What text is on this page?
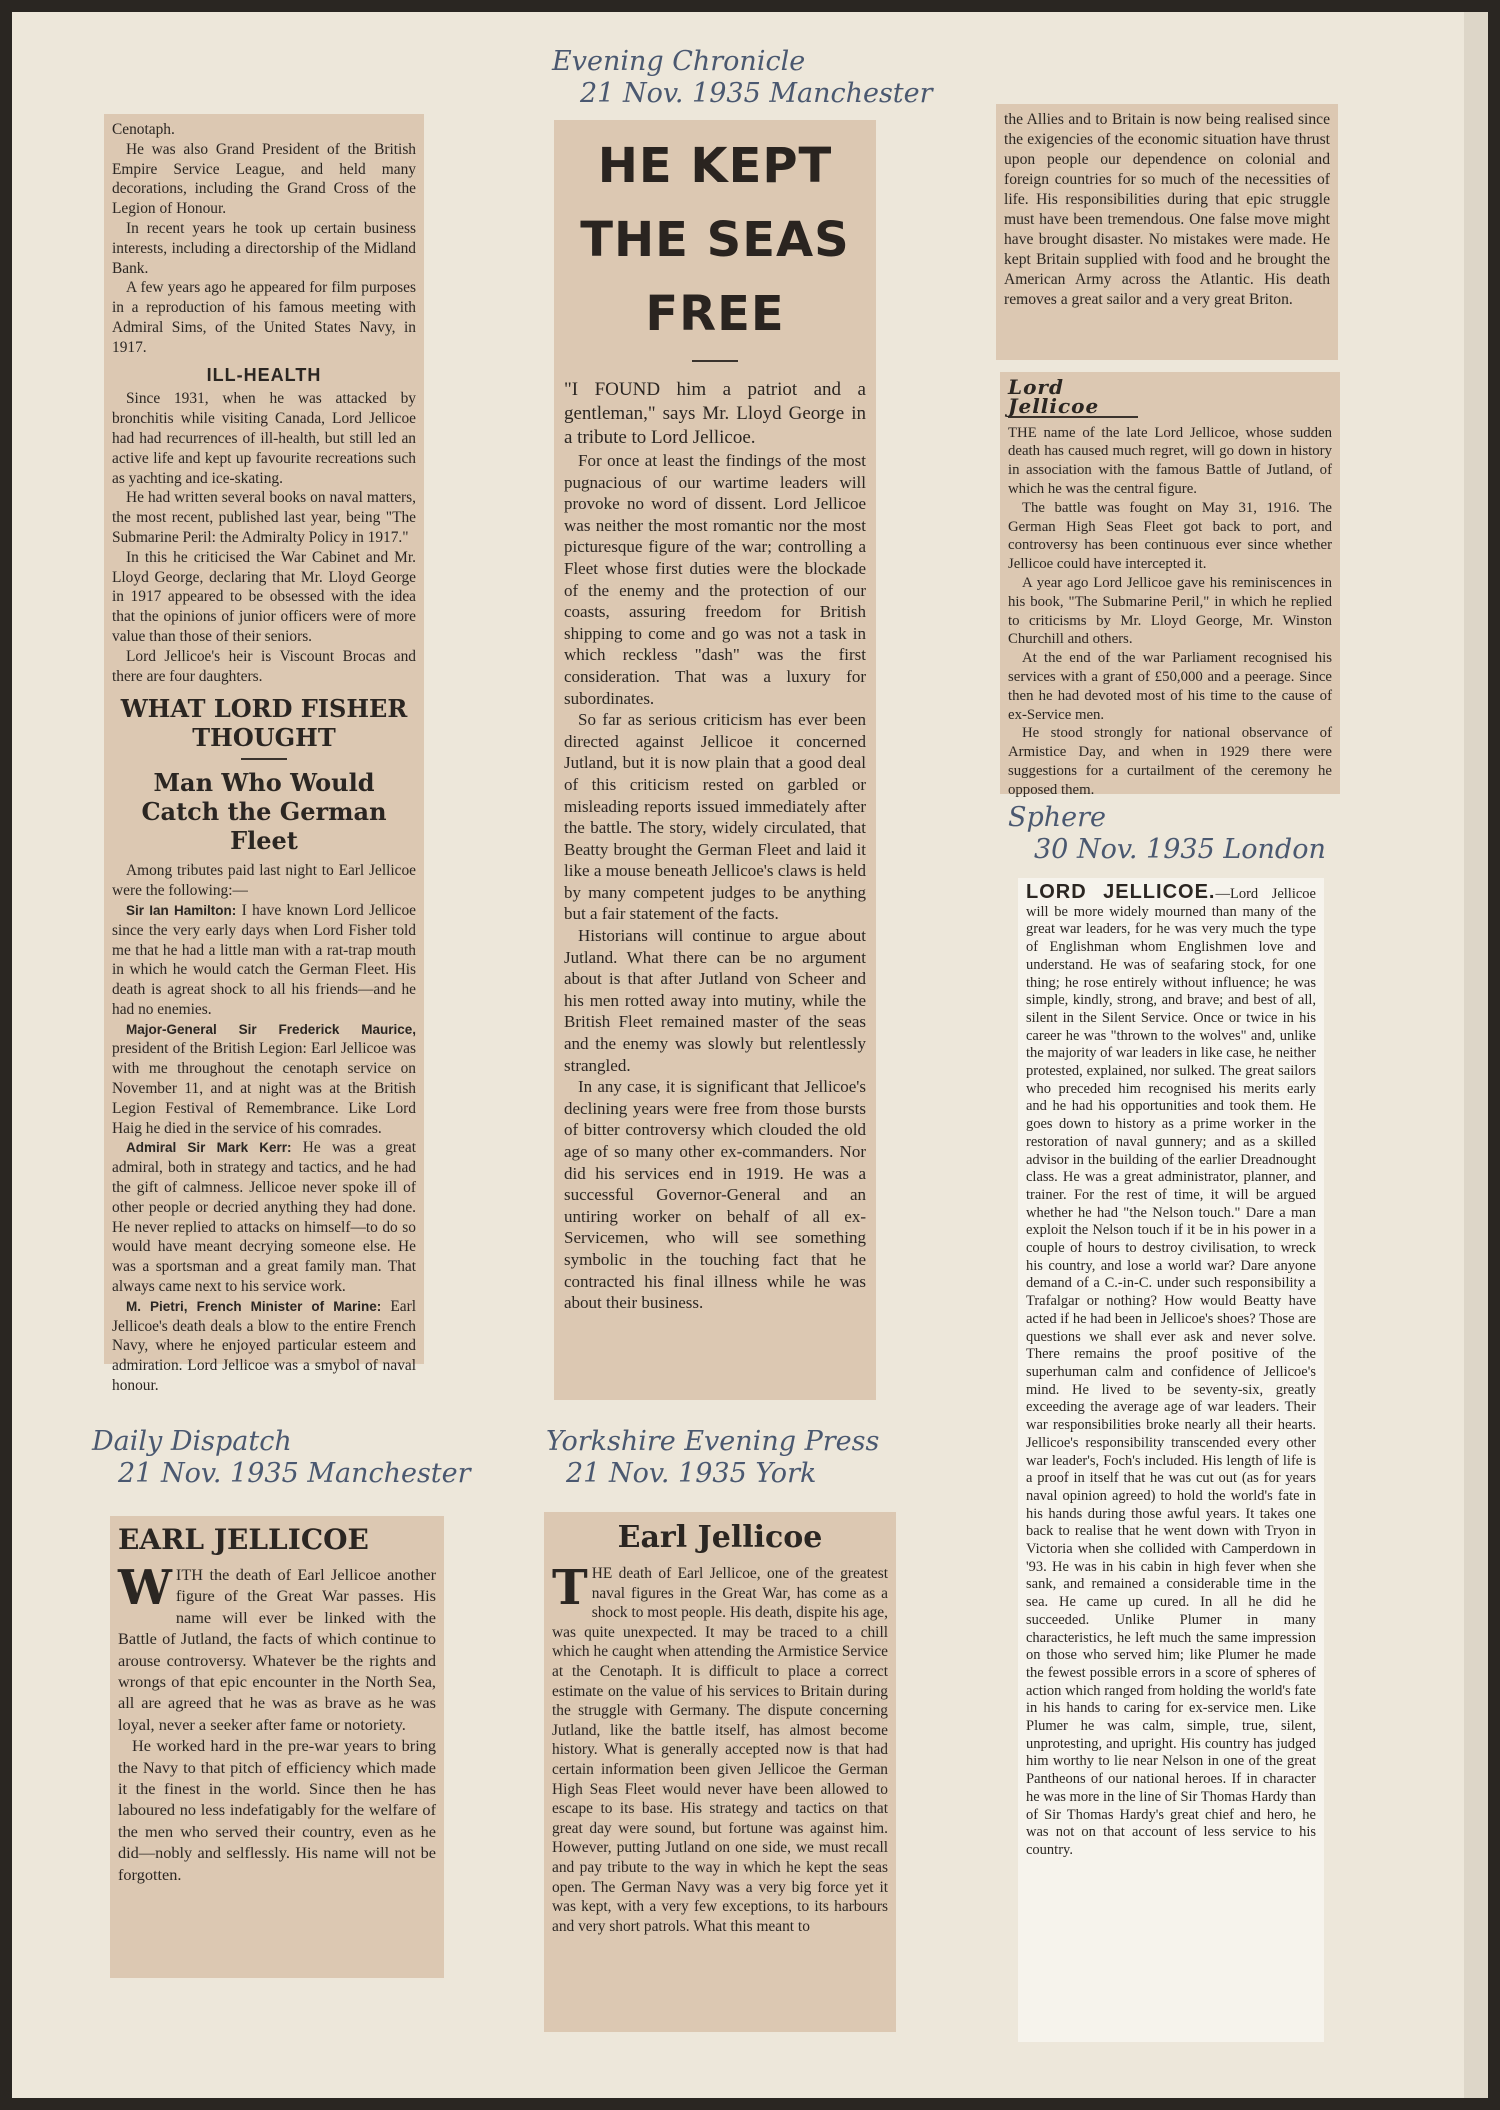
Evening Chronicle
21 Nov. 1935 Manchester
Sphere
30 Nov. 1935 London
Daily Dispatch
21 Nov. 1935 Manchester
Yorkshire Evening Press
21 Nov. 1935 York

Cenotaph.

He was also Grand President of the British Empire Service League, and held many decorations, including the Grand Cross of the Legion of Honour.

In recent years he took up certain business interests, including a directorship of the Midland Bank.

A few years ago he appeared for film purposes in a reproduction of his famous meeting with Admiral Sims, of the United States Navy, in 1917.

ILL-HEALTH

Since 1931, when he was attacked by bronchitis while visiting Canada, Lord Jellicoe had had recurrences of ill-health, but still led an active life and kept up favourite recreations such as yachting and ice-skating.

He had written several books on naval matters, the most recent, published last year, being "The Submarine Peril: the Admiralty Policy in 1917."

In this he criticised the War Cabinet and Mr. Lloyd George, declaring that Mr. Lloyd George in 1917 appeared to be obsessed with the idea that the opinions of junior officers were of more value than those of their seniors.

Lord Jellicoe's heir is Viscount Brocas and there are four daughters.

WHAT LORD FISHER THOUGHT
Man Who Would Catch the German Fleet

Among tributes paid last night to Earl Jellicoe were the following:—

Sir Ian Hamilton: I have known Lord Jellicoe since the very early days when Lord Fisher told me that he had a little man with a rat-trap mouth in which he would catch the German Fleet. His death is agreat shock to all his friends—and he had no enemies.

Major-General Sir Frederick Maurice, president of the British Legion: Earl Jellicoe was with me throughout the cenotaph service on November 11, and at night was at the British Legion Festival of Remembrance. Like Lord Haig he died in the service of his comrades.

Admiral Sir Mark Kerr: He was a great admiral, both in strategy and tactics, and he had the gift of calmness. Jellicoe never spoke ill of other people or decried anything they had done. He never replied to attacks on himself—to do so would have meant decrying someone else. He was a sportsman and a great family man. That always came next to his service work.

M. Pietri, French Minister of Marine: Earl Jellicoe's death deals a blow to the entire French Navy, where he enjoyed particular esteem and admiration. Lord Jellicoe was a smybol of naval honour.

HE KEPT
THE SEAS
FREE

"I FOUND him a patriot and a gentleman," says Mr. Lloyd George in a tribute to Lord Jellicoe.

For once at least the findings of the most pugnacious of our wartime leaders will provoke no word of dissent. Lord Jellicoe was neither the most romantic nor the most picturesque figure of the war; controlling a Fleet whose first duties were the blockade of the enemy and the protection of our coasts, assuring freedom for British shipping to come and go was not a task in which reckless "dash" was the first consideration. That was a luxury for subordinates.

So far as serious criticism has ever been directed against Jellicoe it concerned Jutland, but it is now plain that a good deal of this criticism rested on garbled or misleading reports issued immediately after the battle. The story, widely circulated, that Beatty brought the German Fleet and laid it like a mouse beneath Jellicoe's claws is held by many competent judges to be anything but a fair statement of the facts.

Historians will continue to argue about Jutland. What there can be no argument about is that after Jutland von Scheer and his men rotted away into mutiny, while the British Fleet remained master of the seas and the enemy was slowly but relentlessly strangled.

In any case, it is significant that Jellicoe's declining years were free from those bursts of bitter controversy which clouded the old age of so many other ex-commanders. Nor did his services end in 1919. He was a successful Governor-General and an untiring worker on behalf of all ex-Servicemen, who will see something symbolic in the touching fact that he contracted his final illness while he was about their business.

the Allies and to Britain is now being realised since the exigencies of the economic situation have thrust upon people our dependence on colonial and foreign countries for so much of the necessities of life. His responsibilities during that epic struggle must have been tremendous. One false move might have brought disaster. No mistakes were made. He kept Britain supplied with food and he brought the American Army across the Atlantic. His death removes a great sailor and a very great Briton.

Lord Jellicoe

THE name of the late Lord Jellicoe, whose sudden death has caused much regret, will go down in history in association with the famous Battle of Jutland, of which he was the central figure.

The battle was fought on May 31, 1916. The German High Seas Fleet got back to port, and controversy has been continuous ever since whether Jellicoe could have intercepted it.

A year ago Lord Jellicoe gave his reminiscences in his book, "The Submarine Peril," in which he replied to criticisms by Mr. Lloyd George, Mr. Winston Churchill and others.

At the end of the war Parliament recognised his services with a grant of £50,000 and a peerage. Since then he had devoted most of his time to the cause of ex-Service men.

He stood strongly for national observance of Armistice Day, and when in 1929 there were suggestions for a curtailment of the ceremony he opposed them.

LORD JELLICOE.—Lord Jellicoe will be more widely mourned than many of the great war leaders, for he was very much the type of Englishman whom Englishmen love and understand. He was of seafaring stock, for one thing; he rose entirely without influence; he was simple, kindly, strong, and brave; and best of all, silent in the Silent Service. Once or twice in his career he was "thrown to the wolves" and, unlike the majority of war leaders in like case, he neither protested, explained, nor sulked. The great sailors who preceded him recognised his merits early and he had his opportunities and took them. He goes down to history as a prime worker in the restoration of naval gunnery; and as a skilled advisor in the building of the earlier Dreadnought class. He was a great administrator, planner, and trainer. For the rest of time, it will be argued whether he had "the Nelson touch." Dare a man exploit the Nelson touch if it be in his power in a couple of hours to destroy civilisation, to wreck his country, and lose a world war? Dare anyone demand of a C.-in-C. under such responsibility a Trafalgar or nothing? How would Beatty have acted if he had been in Jellicoe's shoes? Those are questions we shall ever ask and never solve. There remains the proof positive of the superhuman calm and confidence of Jellicoe's mind. He lived to be seventy-six, greatly exceeding the average age of war leaders. Their war responsibilities broke nearly all their hearts. Jellicoe's responsibility transcended every other war leader's, Foch's included. His length of life is a proof in itself that he was cut out (as for years naval opinion agreed) to hold the world's fate in his hands during those awful years. It takes one back to realise that he went down with Tryon in Victoria when she collided with Camperdown in '93. He was in his cabin in high fever when she sank, and remained a considerable time in the sea. He came up cured. In all he did he succeeded. Unlike Plumer in many characteristics, he left much the same impression on those who served him; like Plumer he made the fewest possible errors in a score of spheres of action which ranged from holding the world's fate in his hands to caring for ex-service men. Like Plumer he was calm, simple, true, silent, unprotesting, and upright. His country has judged him worthy to lie near Nelson in one of the great Pantheons of our national heroes. If in character he was more in the line of Sir Thomas Hardy than of Sir Thomas Hardy's great chief and hero, he was not on that account of less service to his country.

EARL JELLICOE

WITH the death of Earl Jellicoe another figure of the Great War passes. His name will ever be linked with the Battle of Jutland, the facts of which continue to arouse controversy. Whatever be the rights and wrongs of that epic encounter in the North Sea, all are agreed that he was as brave as he was loyal, never a seeker after fame or notoriety.

He worked hard in the pre-war years to bring the Navy to that pitch of efficiency which made it the finest in the world. Since then he has laboured no less indefatigably for the welfare of the men who served their country, even as he did—nobly and selflessly. His name will not be forgotten.

Earl Jellicoe

THE death of Earl Jellicoe, one of the greatest naval figures in the Great War, has come as a shock to most people. His death, dispite his age, was quite unexpected. It may be traced to a chill which he caught when attending the Armistice Service at the Cenotaph. It is difficult to place a correct estimate on the value of his services to Britain during the struggle with Germany. The dispute concerning Jutland, like the battle itself, has almost become history. What is generally accepted now is that had certain information been given Jellicoe the German High Seas Fleet would never have been allowed to escape to its base. His strategy and tactics on that great day were sound, but fortune was against him. However, putting Jutland on one side, we must recall and pay tribute to the way in which he kept the seas open. The German Navy was a very big force yet it was kept, with a very few exceptions, to its harbours and very short patrols. What this meant to
